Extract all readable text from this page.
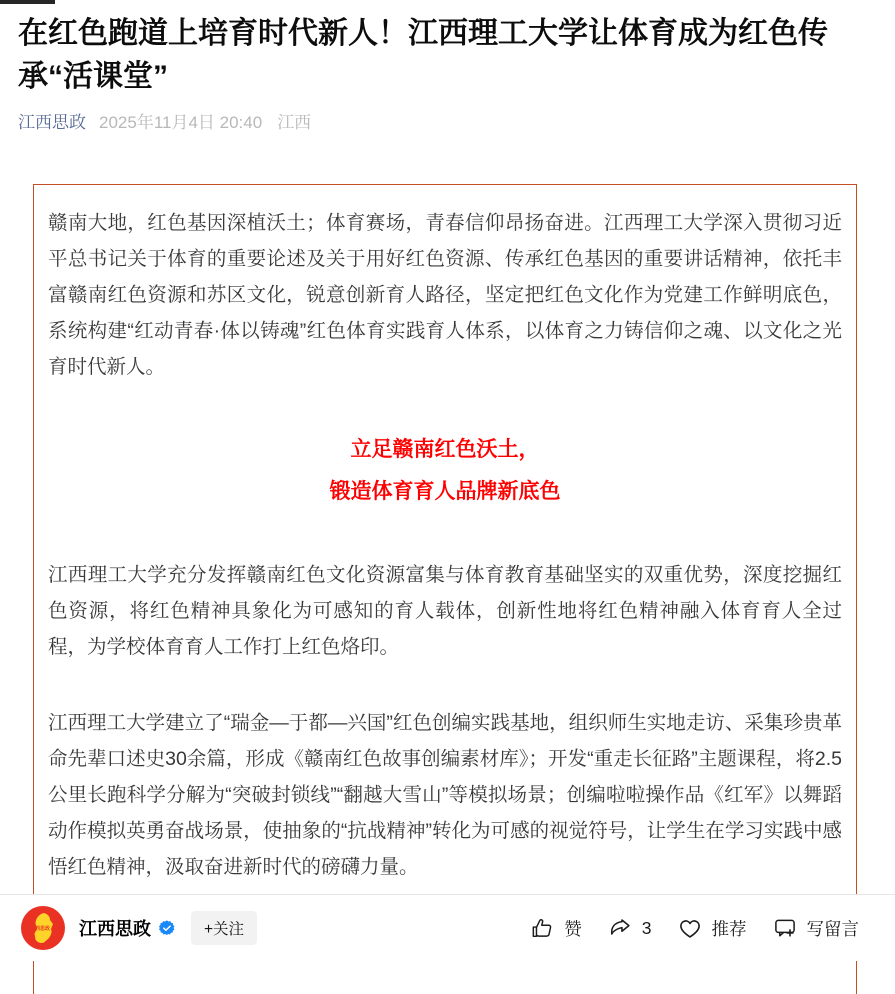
在红色跑道上培育时代新人！江西理工大学让体育成为红色传承“活课堂”
江西思政 2025年11月4日 20:40 江西

赣南大地，红色基因深植沃土；体育赛场，青春信仰昂扬奋进。江西理工大学深入贯彻习近平总书记关于体育的重要论述及关于用好红色资源、传承红色基因的重要讲话精神，依托丰富赣南红色资源和苏区文化，锐意创新育人路径，坚定把红色文化作为党建工作鲜明底色，系统构建“红动青春·体以铸魂”红色体育实践育人体系，以体育之力铸信仰之魂、以文化之光育时代新人。

立足赣南红色沃土，
锻造体育育人品牌新底色

江西理工大学充分发挥赣南红色文化资源富集与体育教育基础坚实的双重优势，深度挖掘红色资源，将红色精神具象化为可感知的育人载体，创新性地将红色精神融入体育育人全过程，为学校体育育人工作打上红色烙印。

江西理工大学建立了“瑞金—于都—兴国”红色创编实践基地，组织师生实地走访、采集珍贵革命先辈口述史30余篇，形成《赣南红色故事创编素材库》；开发“重走长征路”主题课程，将2.5公里长跑科学分解为“突破封锁线”“翻越大雪山”等模拟场景；创编啦啦操作品《红军》以舞蹈动作模拟英勇奋战场景，使抽象的“抗战精神”转化为可感的视觉符号，让学生在学习实践中感悟红色精神，汲取奋进新时代的磅礴力量。

江西思政 江西思政	+关注	赞	3	推荐	写留言
